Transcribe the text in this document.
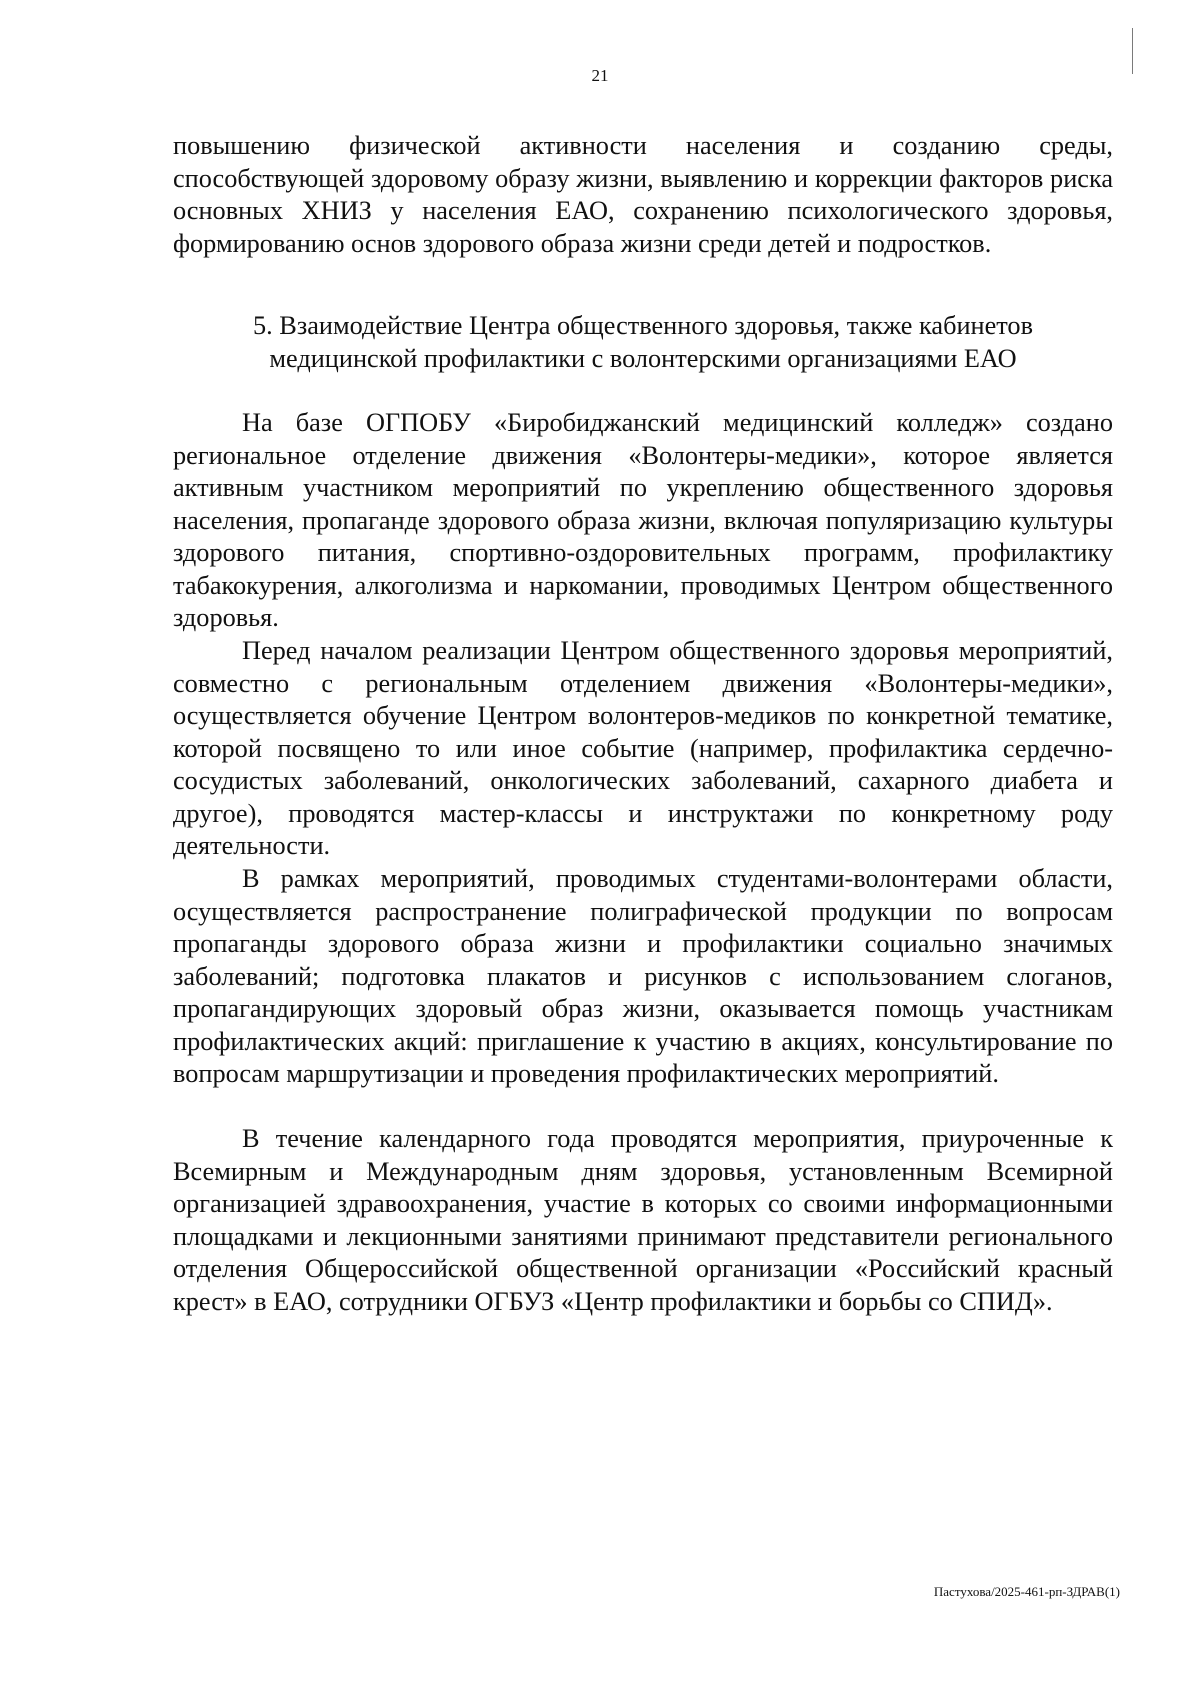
21

повышению физической активности населения и созданию среды, способствующей здоровому образу жизни, выявлению и коррекции факторов риска основных ХНИЗ у населения ЕАО, сохранению психологического здоровья, формированию основ здорового образа жизни среди детей и подростков.

5. Взаимодействие Центра общественного здоровья, также кабинетов
медицинской профилактики с волонтерскими организациями ЕАО

На базе ОГПОБУ «Биробиджанский медицинский колледж» создано региональное отделение движения «Волонтеры-медики», которое является активным участником мероприятий по укреплению общественного здоровья населения, пропаганде здорового образа жизни, включая популяризацию культуры здорового питания, спортивно-оздоровительных программ, профилактику табакокурения, алкоголизма и наркомании, проводимых Центром общественного здоровья.

Перед началом реализации Центром общественного здоровья мероприятий, совместно с региональным отделением движения «Волонтеры-медики», осуществляется обучение Центром волонтеров-медиков по конкретной тематике, которой посвящено то или иное событие (например, профилактика сердечно-сосудистых заболеваний, онкологических заболеваний, сахарного диабета и другое), проводятся мастер-классы и инструктажи по конкретному роду деятельности.

В рамках мероприятий, проводимых студентами-волонтерами области, осуществляется распространение полиграфической продукции по вопросам пропаганды здорового образа жизни и профилактики социально значимых заболеваний; подготовка плакатов и рисунков с использованием слоганов, пропагандирующих здоровый образ жизни, оказывается помощь участникам профилактических акций: приглашение к участию в акциях, консультирование по вопросам маршрутизации и проведения профилактических мероприятий.

В течение календарного года проводятся мероприятия, приуроченные к Всемирным и Международным дням здоровья, установленным Всемирной организацией здравоохранения, участие в которых со своими информационными площадками и лекционными занятиями принимают представители регионального отделения Общероссийской общественной организации «Российский красный крест» в ЕАО, сотрудники ОГБУЗ «Центр профилактики и борьбы со СПИД».

Пастухова/2025-461-рп-ЗДРАВ(1)
